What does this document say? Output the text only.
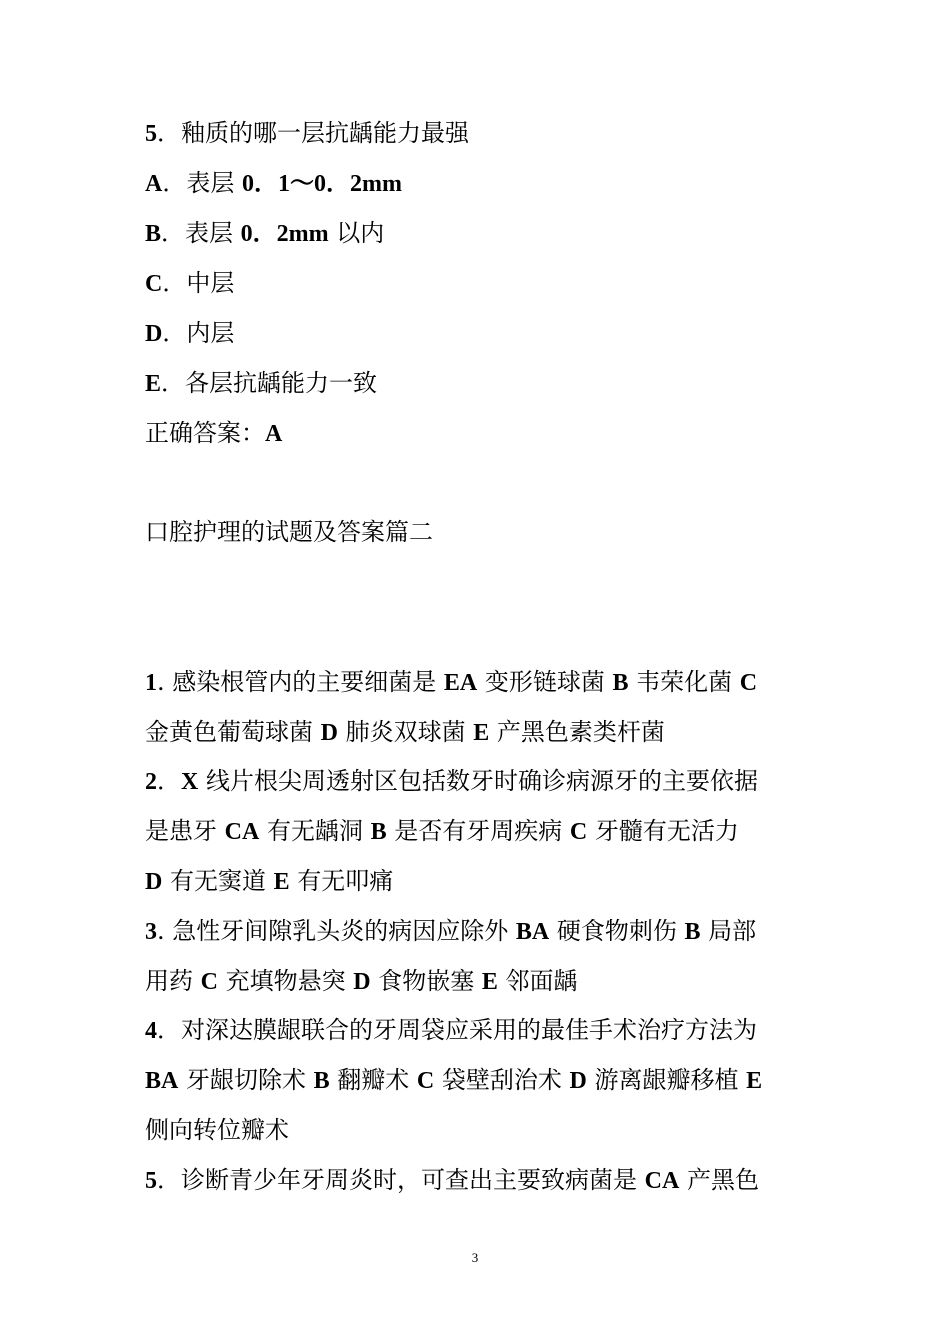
5．釉质的哪一层抗龋能力最强
A．表层 0．1～0．2mm
B．表层 0．2mm 以内
C．中层
D．内层
E．各层抗龋能力一致
正确答案：A
口腔护理的试题及答案篇二
1. 感染根管内的主要细菌是 EA 变形链球菌 B 韦荣化菌 C
金黄色葡萄球菌 D 肺炎双球菌 E 产黑色素类杆菌
2．X 线片根尖周透射区包括数牙时确诊病源牙的主要依据
是患牙 CA 有无龋洞 B 是否有牙周疾病 C 牙髓有无活力
D 有无窦道 E 有无叩痛
3. 急性牙间隙乳头炎的病因应除外 BA 硬食物刺伤 B 局部
用药 C 充填物悬突 D 食物嵌塞 E 邻面龋
4．对深达膜龈联合的牙周袋应采用的最佳手术治疗方法为
BA 牙龈切除术 B 翻瓣术 C 袋壁刮治术 D 游离龈瓣移植 E
侧向转位瓣术
5．诊断青少年牙周炎时，可查出主要致病菌是 CA 产黑色
3
